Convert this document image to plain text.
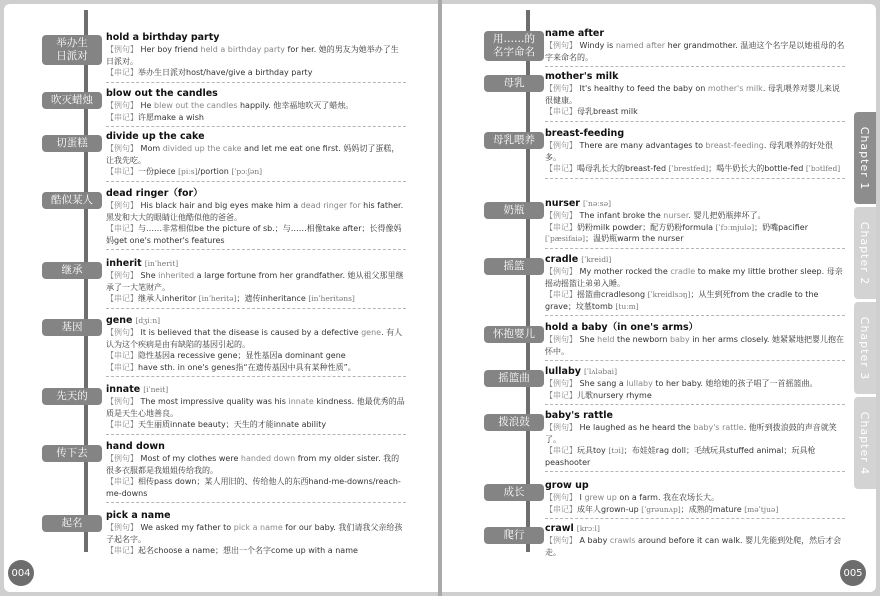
举办生
日派对
hold a birthday party
【例句】 Her boy friend held a birthday party for her. 她的男友为她举办了生日派对。
【串记】举办生日派对host/have/give a birthday party
吹灭蜡烛
blow out the candles
【例句】 He blew out the candles happily. 他幸福地吹灭了蜡烛。
【串记】许愿make a wish
切蛋糕
divide up the cake
【例句】 Mom divided up the cake and let me eat one first. 妈妈切了蛋糕，让我先吃。
【串记】一份piece [piːs]/portion [ˈpɔːʃən]
酷似某人
dead ringer（for）
【例句】 His black hair and big eyes make him a dead ringer for his father. 黑发和大大的眼睛让他酷似他的爸爸。
【串记】与……非常相似be the picture of sb.；与……相像take after；长得像妈妈get one's mother's features
继承
inherit [inˈherit]
【例句】 She inherited a large fortune from her grandfather. 她从祖父那里继承了一大笔财产。
【串记】继承人inheritor [inˈheritə]；遗传inheritance [inˈheritəns]
基因
gene [dʒiːn]
【例句】 It is believed that the disease is caused by a defective gene. 有人认为这个疾病是由有缺陷的基因引起的。
【串记】隐性基因a recessive gene；显性基因a dominant gene
【串记】have sth. in one's genes指“在遗传基因中具有某种性质”。
先天的
innate [iˈneit]
【例句】 The most impressive quality was his innate kindness. 他最优秀的品质是天生心地善良。
【串记】天生丽质innate beauty；天生的才能innate ability
传下去
hand down
【例句】 Most of my clothes were handed down from my older sister. 我的很多衣服都是我姐姐传给我的。
【串记】相传pass down；某人用旧的、传给他人的东西hand-me-downs/reach-me-downs
起名
pick a name
【例句】 We asked my father to pick a name for our baby. 我们请我父亲给孩子起名字。
【串记】起名choose a name；想出一个名字come up with a name
004
用……的
名字命名
name after
【例句】 Windy is named after her grandmother. 温迪这个名字是以她祖母的名字来命名的。
母乳
mother's milk
【例句】 It's healthy to feed the baby on mother's milk. 母乳喂养对婴儿来说很健康。
【串记】母乳breast milk
母乳喂养
breast-feeding
【例句】 There are many advantages to breast-feeding. 母乳喂养的好处很多。
【串记】喝母乳长大的breast-fed [ˈbrestfed]；喝牛奶长大的bottle-fed [ˈbɔtlfed]
奶瓶
nurser [ˈnəːsə]
【例句】 The infant broke the nurser. 婴儿把奶瓶摔坏了。
【串记】奶粉milk powder；配方奶粉formula [ˈfɔːmjulə]；奶嘴pacifier [ˈpæsifaiə]；温奶瓶warm the nurser
摇篮
cradle [ˈkreidl]
【例句】 My mother rocked the cradle to make my little brother sleep. 母亲摇动摇篮让弟弟入睡。
【串记】摇篮曲cradlesong [ˈkreidlsɔŋ]；从生到死from the cradle to the grave；坟墓tomb [tuːm]
怀抱婴儿
hold a baby（in one's arms）
【例句】 She held the newborn baby in her arms closely. 她紧紧地把婴儿抱在怀中。
摇篮曲
lullaby [ˈlʌləbai]
【例句】 She sang a lullaby to her baby. 她给她的孩子唱了一首摇篮曲。
【串记】儿歌nursery rhyme
拨浪鼓
baby's rattle
【例句】 He laughed as he heard the baby's rattle. 他听到拨浪鼓的声音就笑了。
【串记】玩具toy [tɔi]；布娃娃rag doll；毛绒玩具stuffed animal；玩具枪peashooter
成长
grow up
【例句】 I grew up on a farm. 我在农场长大。
【串记】成年人grown-up [ˈgrəunʌp]；成熟的mature [məˈtjuə]
爬行
crawl [krɔːl]
【例句】 A baby crawls around before it can walk. 婴儿先能到处爬，然后才会走。
005
Chapter 1
Chapter 2
Chapter 3
Chapter 4
